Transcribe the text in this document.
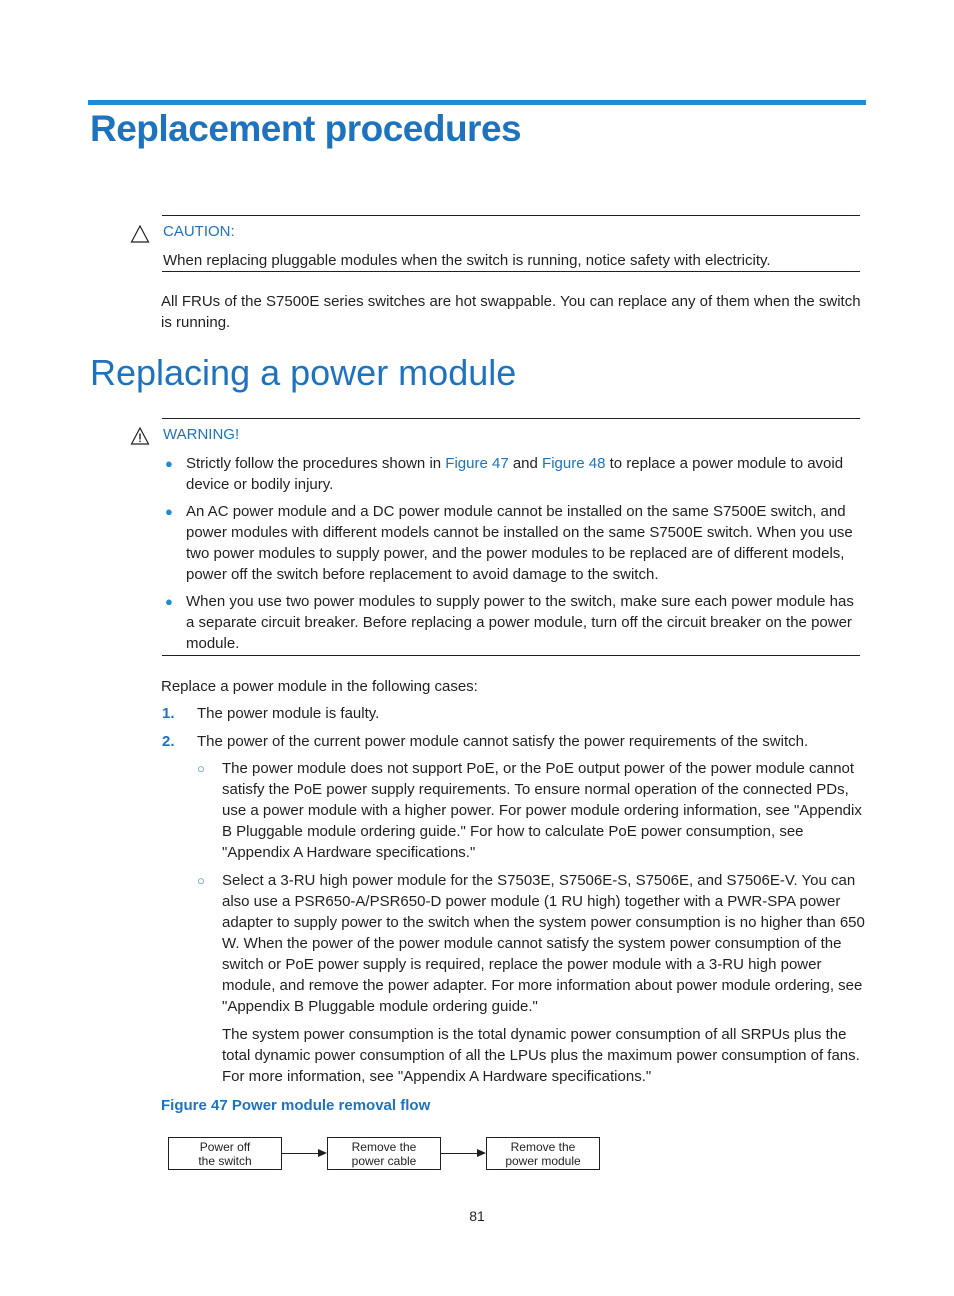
Replacement procedures
CAUTION:
When replacing pluggable modules when the switch is running, notice safety with electricity.
All FRUs of the S7500E series switches are hot swappable. You can replace any of them when the switch is running.
Replacing a power module
WARNING!
● Strictly follow the procedures shown in Figure 47 and Figure 48 to replace a power module to avoid device or bodily injury.
● An AC power module and a DC power module cannot be installed on the same S7500E switch, and power modules with different models cannot be installed on the same S7500E switch. When you use two power modules to supply power, and the power modules to be replaced are of different models, power off the switch before replacement to avoid damage to the switch.
● When you use two power modules to supply power to the switch, make sure each power module has a separate circuit breaker. Before replacing a power module, turn off the circuit breaker on the power module.
Replace a power module in the following cases:
1. The power module is faulty.
2. The power of the current power module cannot satisfy the power requirements of the switch.
○ The power module does not support PoE, or the PoE output power of the power module cannot satisfy the PoE power supply requirements. To ensure normal operation of the connected PDs, use a power module with a higher power. For power module ordering information, see "Appendix B Pluggable module ordering guide." For how to calculate PoE power consumption, see "Appendix A Hardware specifications."
○ Select a 3-RU high power module for the S7503E, S7506E-S, S7506E, and S7506E-V. You can also use a PSR650-A/PSR650-D power module (1 RU high) together with a PWR-SPA power adapter to supply power to the switch when the system power consumption is no higher than 650 W. When the power of the power module cannot satisfy the system power consumption of the switch or PoE power supply is required, replace the power module with a 3-RU high power module, and remove the power adapter. For more information about power module ordering, see "Appendix B Pluggable module ordering guide."
The system power consumption is the total dynamic power consumption of all SRPUs plus the total dynamic power consumption of all the LPUs plus the maximum power consumption of fans. For more information, see "Appendix A Hardware specifications."
Figure 47 Power module removal flow
Power off
the switch
Remove the
power cable
Remove the
power module
81
